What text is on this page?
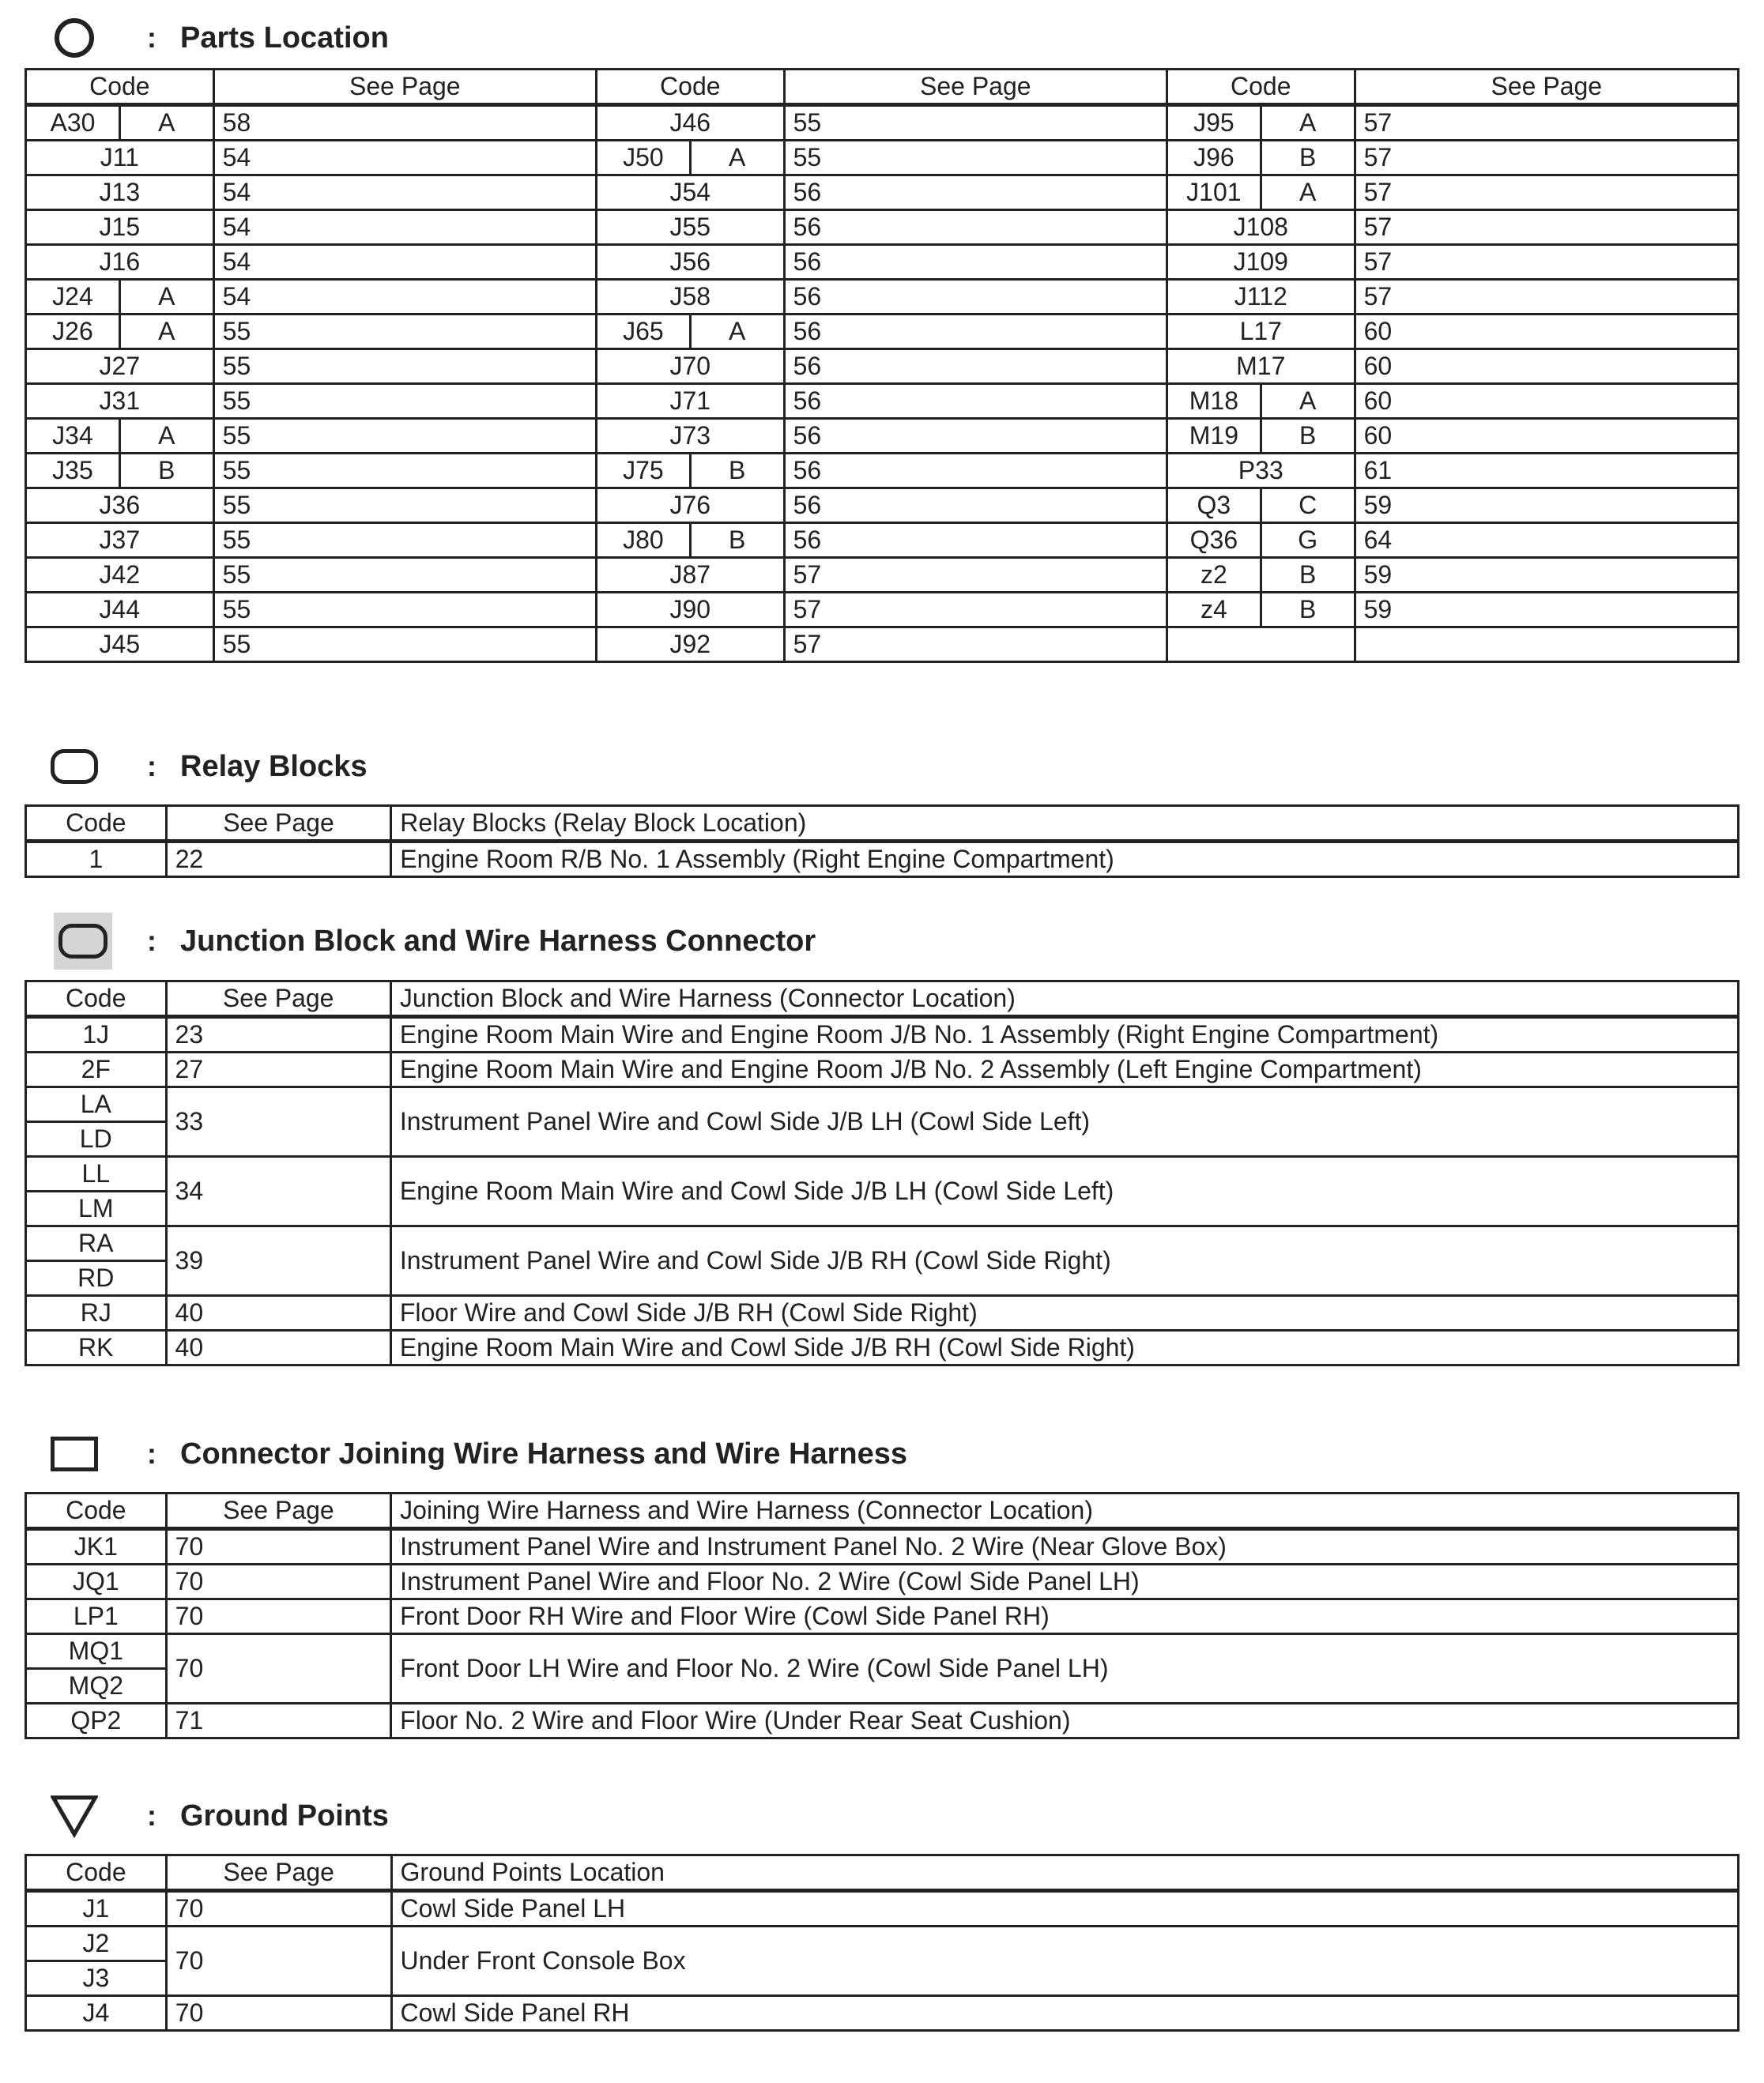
: Parts Location
Code		See Page	Code		See Page	Code		See Page
A30	A	58	J46		55	J95	A	57
J11		54	J50	A	55	J96	B	57
J13		54	J54		56	J101	A	57
J15		54	J55		56	J108		57
J16		54	J56		56	J109		57
J24	A	54	J58		56	J112		57
J26	A	55	J65	A	56	L17		60
J27		55	J70		56	M17		60
J31		55	J71		56	M18	A	60
J34	A	55	J73		56	M19	B	60
J35	B	55	J75	B	56	P33		61
J36		55	J76		56	Q3	C	59
J37		55	J80	B	56	Q36	G	64
J42		55	J87		57	z2	B	59
J44		55	J90		57	z4	B	59
J45		55	J92		57			
: Relay Blocks
Code	See Page	Relay Blocks (Relay Block Location)
1	22	Engine Room R/B No. 1 Assembly (Right Engine Compartment)
: Junction Block and Wire Harness Connector
Code	See Page	Junction Block and Wire Harness (Connector Location)
1J	23	Engine Room Main Wire and Engine Room J/B No. 1 Assembly (Right Engine Compartment)
2F	27	Engine Room Main Wire and Engine Room J/B No. 2 Assembly (Left Engine Compartment)
LA	33	Instrument Panel Wire and Cowl Side J/B LH (Cowl Side Left)
LD		
LL	34	Engine Room Main Wire and Cowl Side J/B LH (Cowl Side Left)
LM		
RA	39	Instrument Panel Wire and Cowl Side J/B RH (Cowl Side Right)
RD		
RJ	40	Floor Wire and Cowl Side J/B RH (Cowl Side Right)
RK	40	Engine Room Main Wire and Cowl Side J/B RH (Cowl Side Right)
: Connector Joining Wire Harness and Wire Harness
Code	See Page	Joining Wire Harness and Wire Harness (Connector Location)
JK1	70	Instrument Panel Wire and Instrument Panel No. 2 Wire (Near Glove Box)
JQ1	70	Instrument Panel Wire and Floor No. 2 Wire (Cowl Side Panel LH)
LP1	70	Front Door RH Wire and Floor Wire (Cowl Side Panel RH)
MQ1	70	Front Door LH Wire and Floor No. 2 Wire (Cowl Side Panel LH)
MQ2		
QP2	71	Floor No. 2 Wire and Floor Wire (Under Rear Seat Cushion)
: Ground Points
Code	See Page	Ground Points Location
J1	70	Cowl Side Panel LH
J2	70	Under Front Console Box
J3		
J4	70	Cowl Side Panel RH
